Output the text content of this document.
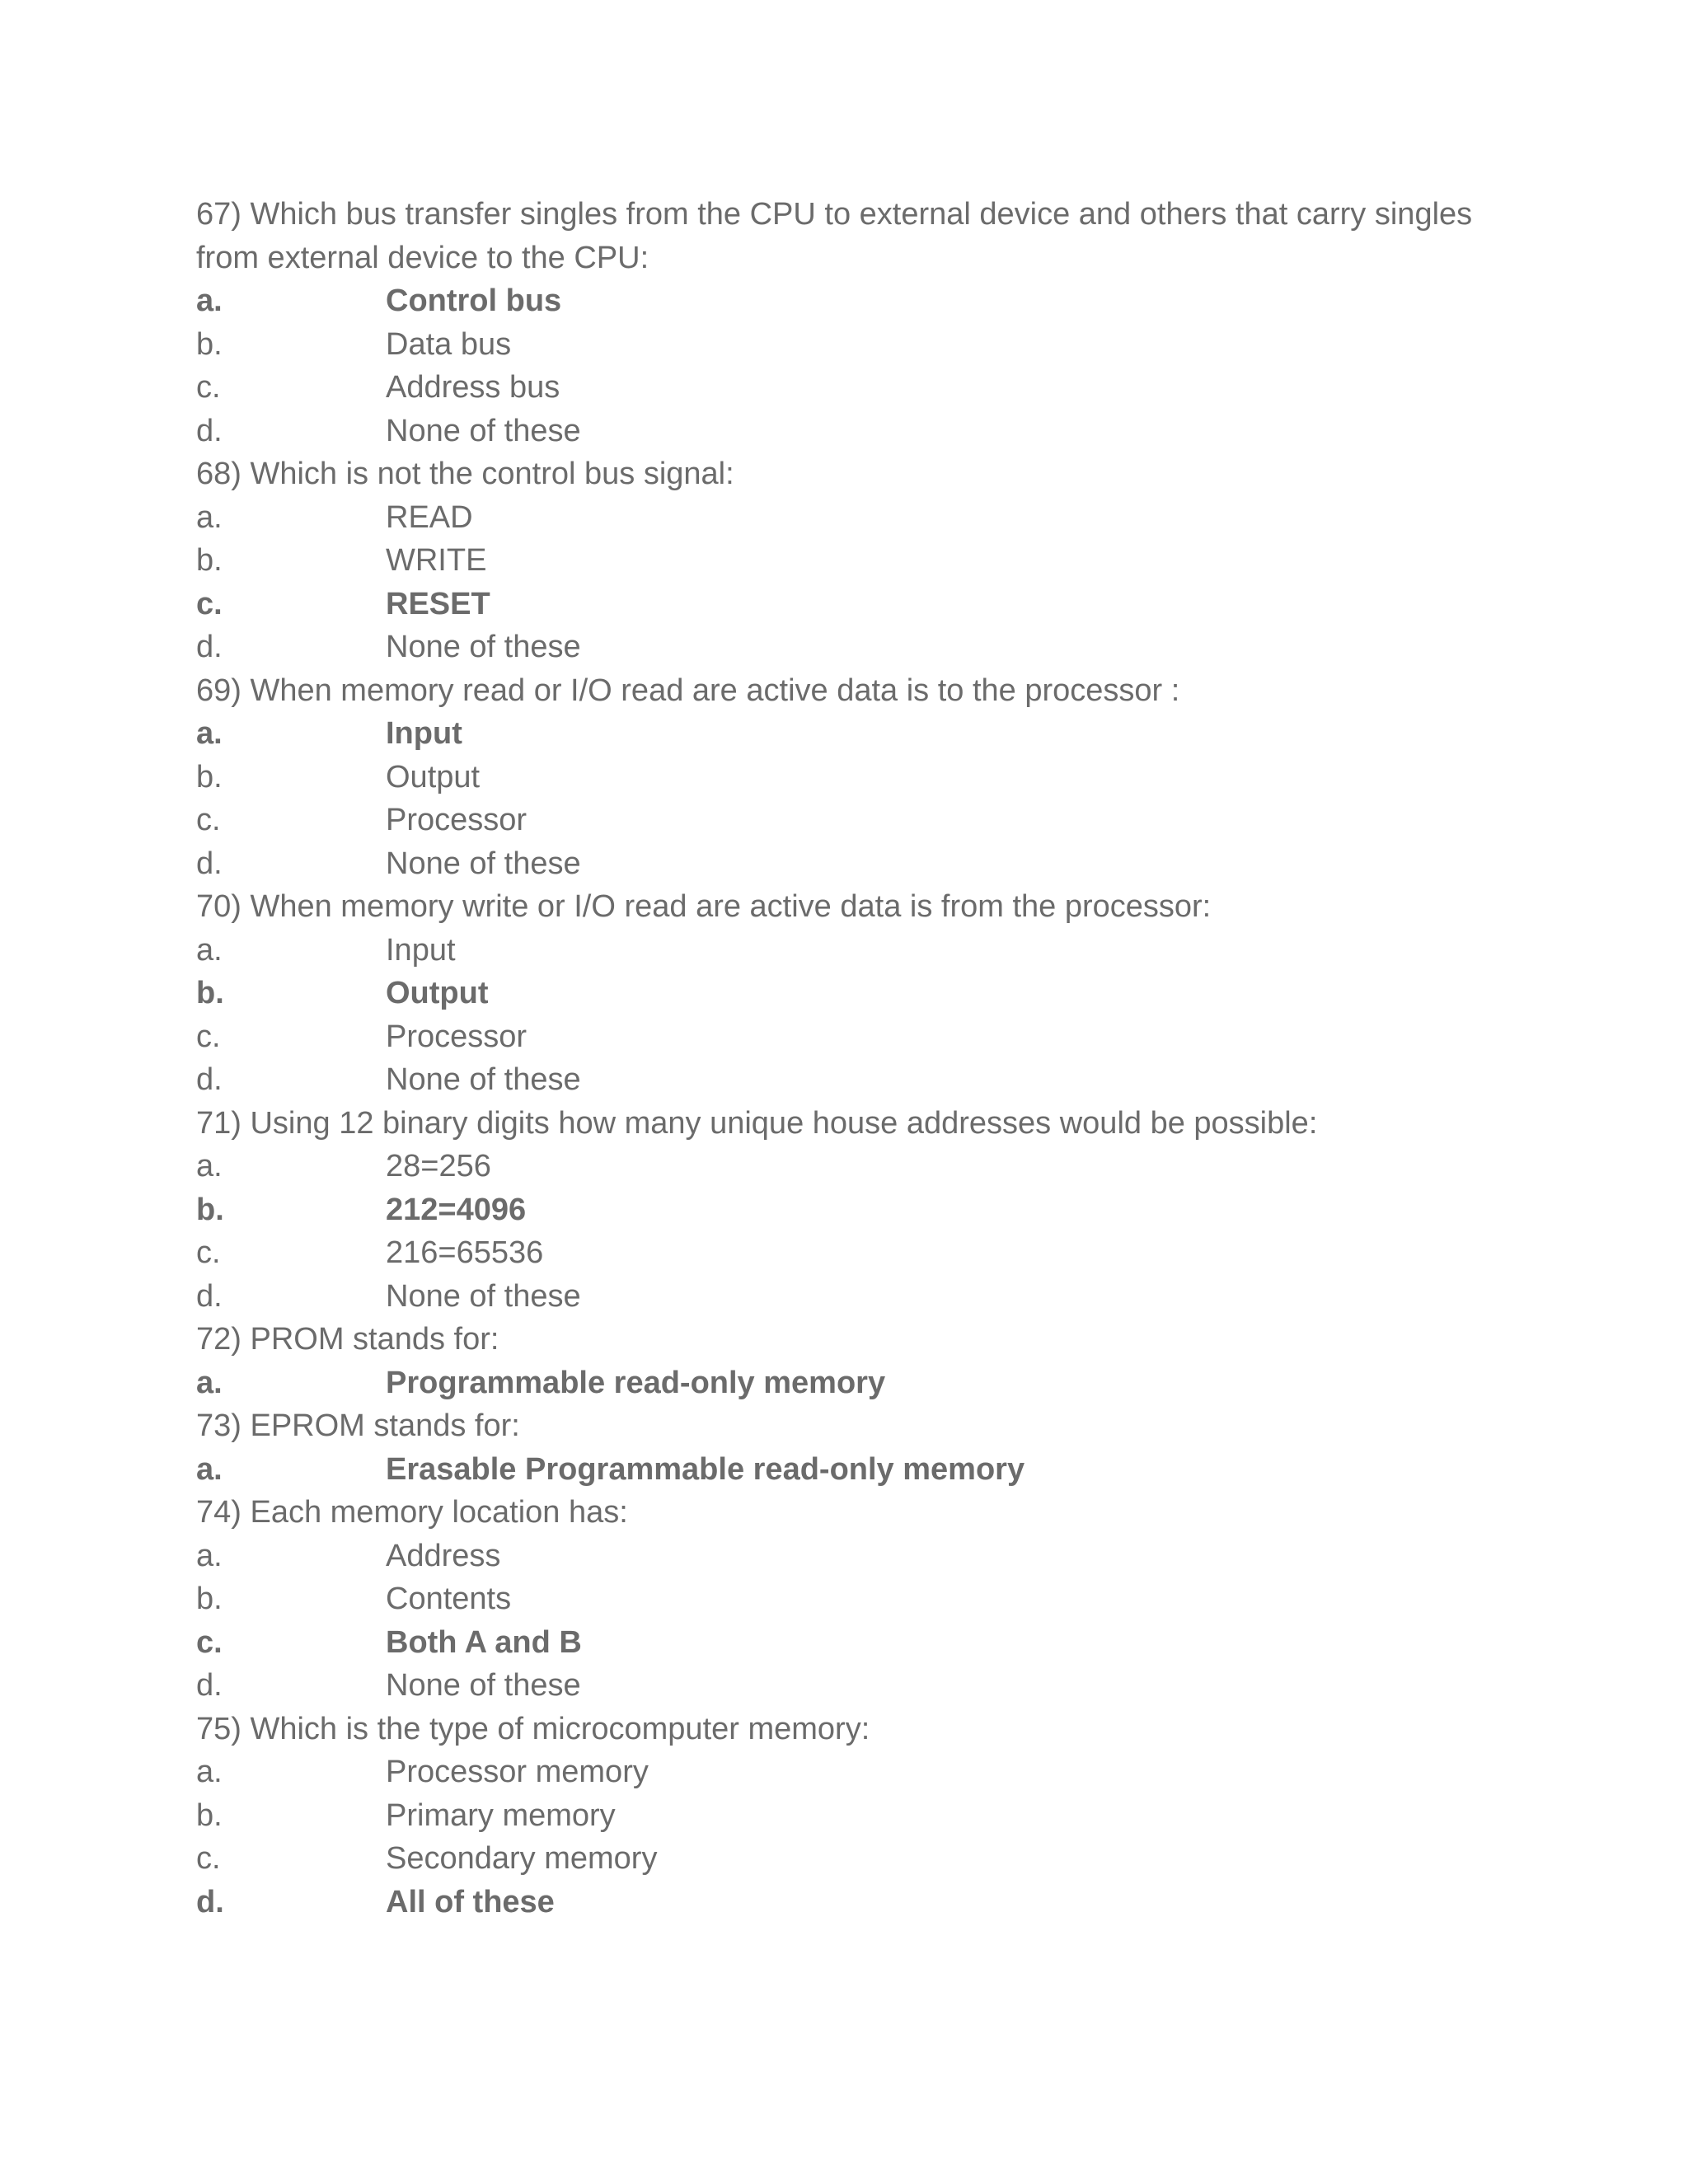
67) Which bus transfer singles from the CPU to external device and others that carry singles from external device to the CPU:
a.	Control bus
b.	Data bus
c.	Address bus
d.	None of these
68) Which is not the control bus signal:
a.	READ
b.	WRITE
c.	RESET
d.	None of these
69) When memory read or I/O read are active data is to the processor :
a.	Input
b.	Output
c.	Processor
d.	None of these
70) When memory write or I/O read are active data is from the processor:
a.	Input
b.	Output
c.	Processor
d.	None of these
71) Using 12 binary digits how many unique house addresses would be possible:
a.	28=256
b.	212=4096
c.	216=65536
d.	None of these
72) PROM stands for:
a.	Programmable read-only memory
73) EPROM stands for:
a.	Erasable Programmable read-only memory
74) Each memory location has:
a.	Address
b.	Contents
c.	Both A and B
d.	None of these
75) Which is the type of microcomputer memory:
a.	Processor memory
b.	Primary memory
c.	Secondary memory
d.	All of these
